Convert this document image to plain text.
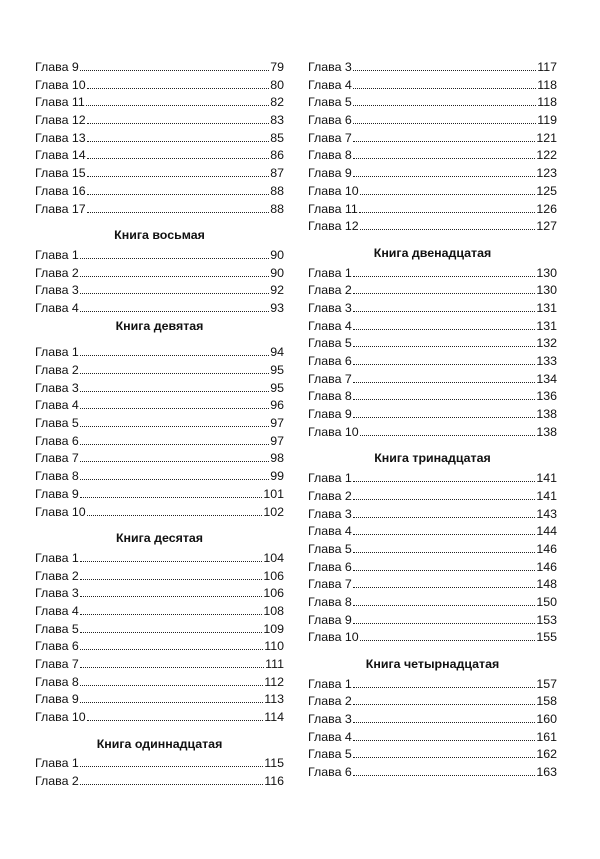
Глава 9	79
Глава 10	80
Глава 11	82
Глава 12	83
Глава 13	85
Глава 14	86
Глава 15	87
Глава 16	88
Глава 17	88
Книга восьмая
Глава 1	90
Глава 2	90
Глава 3	92
Глава 4	93
Книга девятая
Глава 1	94
Глава 2	95
Глава 3	95
Глава 4	96
Глава 5	97
Глава 6	97
Глава 7	98
Глава 8	99
Глава 9	101
Глава 10	102
Книга десятая
Глава 1	104
Глава 2	106
Глава 3	106
Глава 4	108
Глава 5	109
Глава 6	110
Глава 7	111
Глава 8	112
Глава 9	113
Глава 10	114
Книга одиннадцатая
Глава 1	115
Глава 2	116
Глава 3	117
Глава 4	118
Глава 5	118
Глава 6	119
Глава 7	121
Глава 8	122
Глава 9	123
Глава 10	125
Глава 11	126
Глава 12	127
Книга двенадцатая
Глава 1	130
Глава 2	130
Глава 3	131
Глава 4	131
Глава 5	132
Глава 6	133
Глава 7	134
Глава 8	136
Глава 9	138
Глава 10	138
Книга тринадцатая
Глава 1	141
Глава 2	141
Глава 3	143
Глава 4	144
Глава 5	146
Глава 6	146
Глава 7	148
Глава 8	150
Глава 9	153
Глава 10	155
Книга четырнадцатая
Глава 1	157
Глава 2	158
Глава 3	160
Глава 4	161
Глава 5	162
Глава 6	163
